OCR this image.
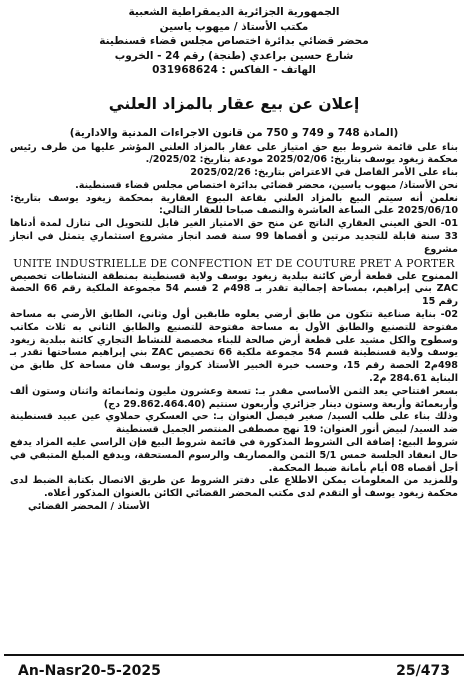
الجمهورية الجزائرية الديمقراطية الشعبية
مكتب الأستاذ / ميهوب ياسين
محضر قضائي بدائرة اختصاص مجلس قضاء قسنطينة
شارع حسين براعدي (طنجة) رقم 24 - الخروب
الهاتف - الفاكس : 031968624
إعلان عن بيع عقار بالمزاد العلني
(المادة 748 و 749 و 750 من قانون الاجراءات المدنية والادارية)

بناء على قائمة شروط بيع حق امتياز على عقار بالمزاد العلني المؤشر عليها من طرف رئيس محكمة زيغود يوسف بتاريخ: 2025/02/06 مودعة بتاريخ: 2025/02/.

بناء على الأمر الفاصل في الاعتراض بتاريخ: 2025/02/26

نحن الأستاذ/ ميهوب ياسين، محضر قضائي بدائرة اختصاص مجلس قضاء قسنطينة.

نعلمن أنه سيتم البيع بالمزاد العلني بقاعة البيوع العقارية بمحكمة زيغود يوسف بتاريخ: 2025/06/10 على الساعة العاشرة والنصف صباحا للعقار التالي:

01- الحق العيني العقاري الناتج عن منح حق الامتياز الغير قابل للتحويل الى تنازل لمدة أدناها 33 سنة قابلة للتجديد مرتين و أقصاها 99 سنة قصد انجاز مشروع استثماري يتمثل في انجاز مشروع

UNITE INDUSTRIELLE DE CONFECTION ET DE COUTURE PRET A PORTER

الممنوح على قطعة أرض كائنة ببلدية زيغود يوسف ولاية قسنطينة بمنطقة النشاطات تخصيص ZAC بني إبراهيم، بمساحة إجمالية تقدر بـ 498م 2 قسم 54 مجموعة الملكية رقم 66 الحصة رقم 15

02- بناية صناعية تتكون من طابق أرضي يعلوه طابقين أول وثاني، الطابق الأرضي به مساحة مفتوحة للتصنيع والطابق الأول به مساحة مفتوحة للتصنيع والطابق الثاني به ثلاث مكاتب وسطوح والكل مشيد على قطعة أرض صالحة للبناء مخصصة للنشاط التجاري كائنة ببلدية زيغود يوسف ولاية قسنطينة قسم 54 مجموعة ملكية 66 تخصيص ZAC بني إبراهيم مساحتها تقدر بـ 498م2 الحصة رقم 15، وحسب خبرة الخبير الأستاذ كرواز يوسف فان مساحة كل طابق من البناية 284.61 م2.

بسعر افتتاحي يعد الثمن الأساسي مقدر بـ: تسعة وعشرون مليون وثمانمائة واثنان وستون ألف وأربعمائة وأربعة وستون دينار جزائري وأربعون سنتيم (29.862.464.40 دج)

وذلك بناء على طلب السيد/ صغير فيصل العنوان بـ: حي العسكري حملاوي عين عبيد قسنطينة ضد السيد/ لبيض أنور العنوان: 19 نهج مصطفى المنتصر الجميل قسنطينة

شروط البيع: إضافة الى الشروط المذكورة في قائمة شروط البيع فإن الراسي عليه المزاد يدفع حال انعقاد الجلسة خمس 5/1 الثمن والمصاريف والرسوم المستحقة، ويدفع المبلغ المتبقي في أجل أقصاه 08 أيام بأمانة ضبط المحكمة.

وللمزيد من المعلومات يمكن الاطلاع على دفتر الشروط عن طريق الاتصال بكتابة الضبط لدى محكمة زيغود يوسف أو التقدم لدى مكتب المحضر القضائي الكائن بالعنوان المذكور أعلاه.

الأستاذ / المحضر القضائي

An-Nasr20-5-2025	25/473
